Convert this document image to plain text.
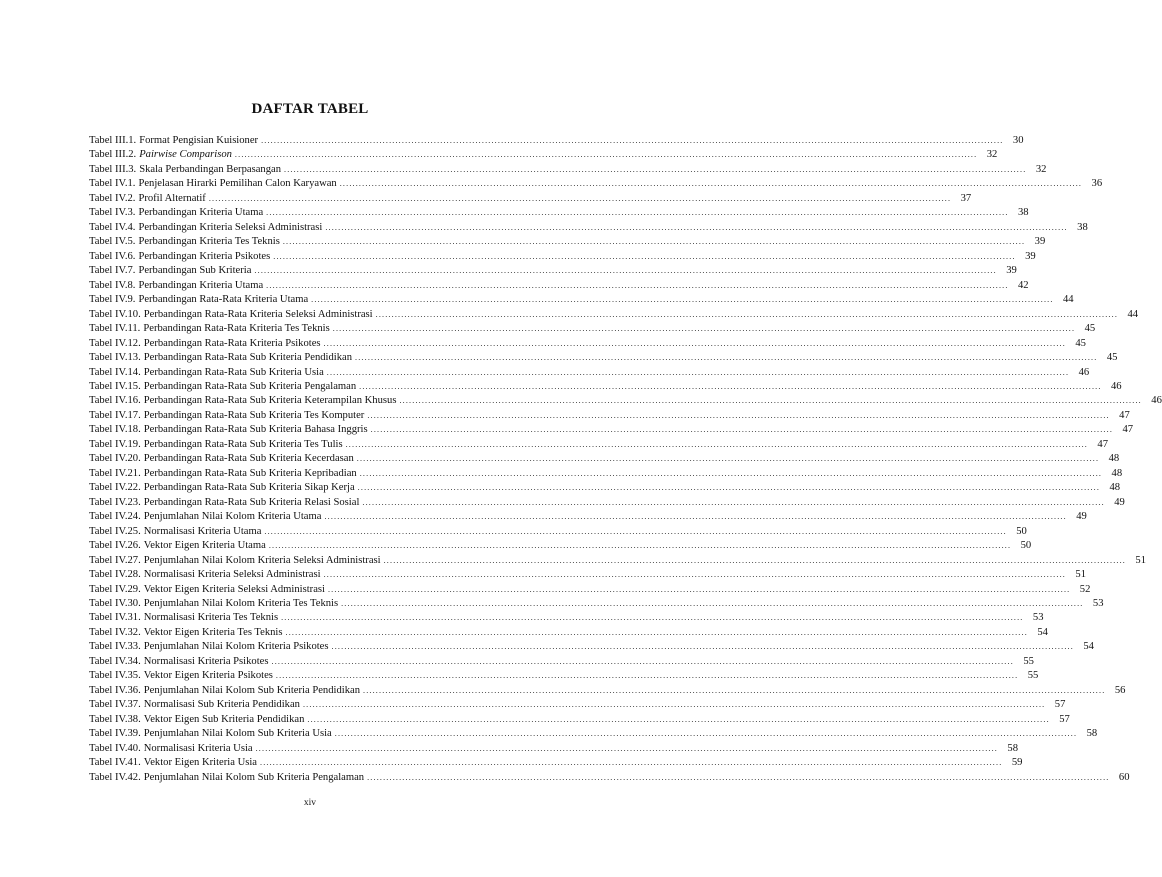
DAFTAR TABEL
Tabel III.1. Format Pengisian Kuisioner .....	30
Tabel III.2. Pairwise Comparison .....	32
Tabel III.3. Skala Perbandingan Berpasangan .....	32
Tabel IV.1. Penjelasan Hirarki Pemilihan Calon Karyawan .....	36
Tabel IV.2. Profil Alternatif .....	37
Tabel IV.3. Perbandingan Kriteria Utama .....	38
Tabel IV.4. Perbandingan Kriteria Seleksi Administrasi .....	38
Tabel IV.5. Perbandingan Kriteria Tes Teknis .....	39
Tabel IV.6. Perbandingan Kriteria Psikotes .....	39
Tabel IV.7. Perbandingan Sub Kriteria .....	39
Tabel IV.8. Perbandingan Kriteria Utama .....	42
Tabel IV.9. Perbandingan Rata-Rata Kriteria Utama .....	44
Tabel IV.10. Perbandingan Rata-Rata Kriteria Seleksi Administrasi .....	44
Tabel IV.11. Perbandingan Rata-Rata Kriteria Tes Teknis .....	45
Tabel IV.12. Perbandingan Rata-Rata Kriteria Psikotes .....	45
Tabel IV.13. Perbandingan Rata-Rata Sub Kriteria Pendidikan .....	45
Tabel IV.14. Perbandingan Rata-Rata Sub Kriteria Usia .....	46
Tabel IV.15. Perbandingan Rata-Rata Sub Kriteria Pengalaman .....	46
Tabel IV.16. Perbandingan Rata-Rata Sub Kriteria Keterampilan Khusus .....	46
Tabel IV.17. Perbandingan Rata-Rata Sub Kriteria Tes Komputer .....	47
Tabel IV.18. Perbandingan Rata-Rata Sub Kriteria Bahasa Inggris .....	47
Tabel IV.19. Perbandingan Rata-Rata Sub Kriteria Tes Tulis .....	47
Tabel IV.20. Perbandingan Rata-Rata Sub Kriteria Kecerdasan .....	48
Tabel IV.21. Perbandingan Rata-Rata Sub Kriteria Kepribadian .....	48
Tabel IV.22. Perbandingan Rata-Rata Sub Kriteria Sikap Kerja .....	48
Tabel IV.23. Perbandingan Rata-Rata Sub Kriteria Relasi Sosial .....	49
Tabel IV.24. Penjumlahan Nilai Kolom Kriteria Utama .....	49
Tabel IV.25. Normalisasi Kriteria Utama .....	50
Tabel IV.26. Vektor Eigen Kriteria Utama .....	50
Tabel IV.27. Penjumlahan Nilai Kolom Kriteria Seleksi Administrasi .....	51
Tabel IV.28. Normalisasi Kriteria Seleksi Administrasi .....	51
Tabel IV.29. Vektor Eigen Kriteria Seleksi Administrasi .....	52
Tabel IV.30. Penjumlahan Nilai Kolom Kriteria Tes Teknis .....	53
Tabel IV.31. Normalisasi Kriteria Tes Teknis .....	53
Tabel IV.32. Vektor Eigen Kriteria Tes Teknis .....	54
Tabel IV.33. Penjumlahan Nilai Kolom Kriteria Psikotes .....	54
Tabel IV.34. Normalisasi Kriteria Psikotes .....	55
Tabel IV.35. Vektor Eigen Kriteria Psikotes .....	55
Tabel IV.36. Penjumlahan Nilai Kolom Sub Kriteria Pendidikan .....	56
Tabel IV.37. Normalisasi Sub Kriteria Pendidikan .....	57
Tabel IV.38. Vektor Eigen Sub Kriteria Pendidikan .....	57
Tabel IV.39. Penjumlahan Nilai Kolom Sub Kriteria Usia .....	58
Tabel IV.40. Normalisasi Kriteria Usia .....	58
Tabel IV.41. Vektor Eigen Kriteria Usia .....	59
Tabel IV.42. Penjumlahan Nilai Kolom Sub Kriteria Pengalaman .....	60
xiv
